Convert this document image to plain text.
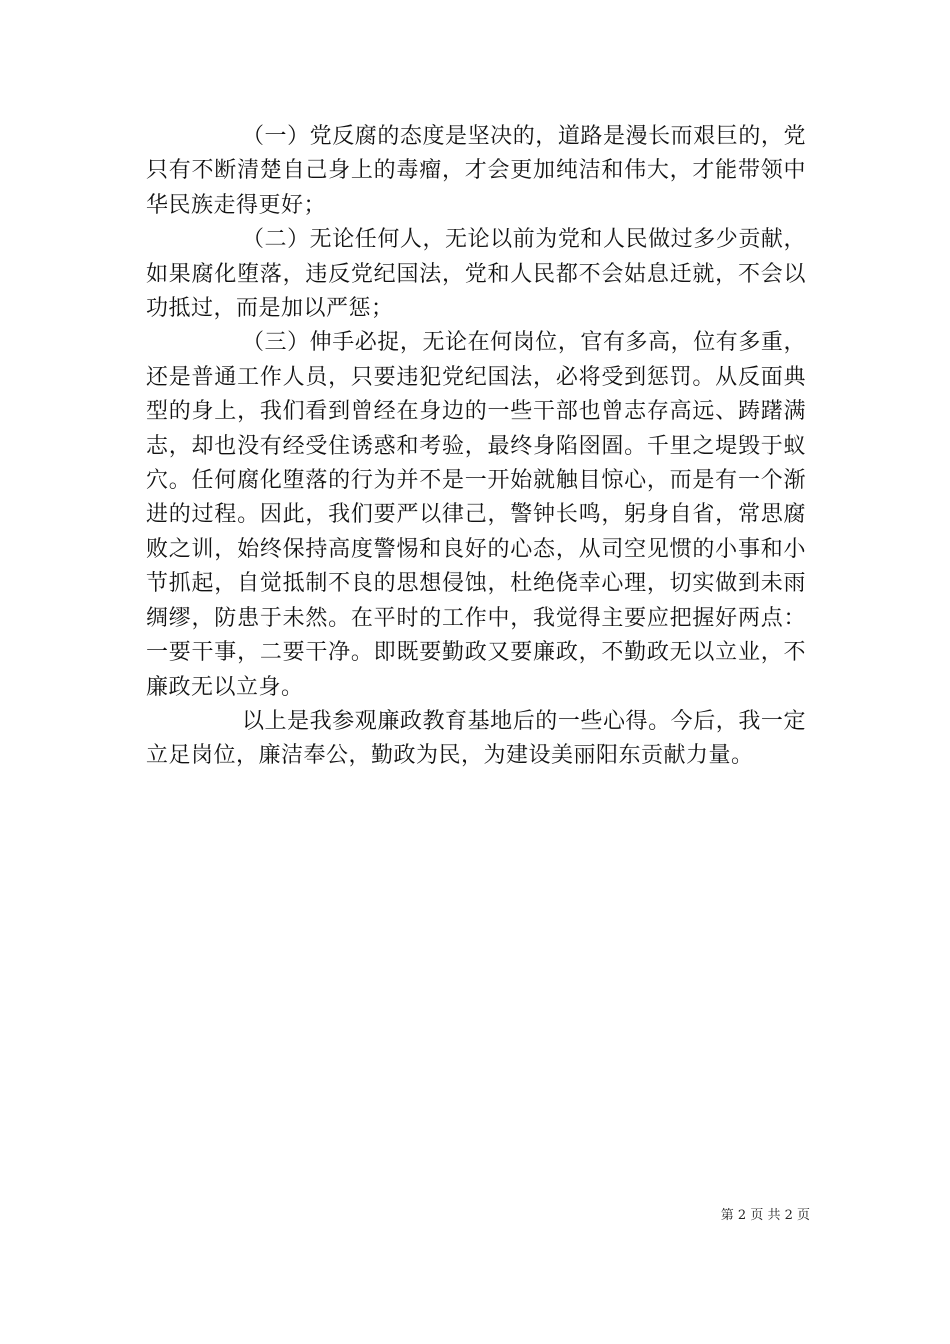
（一）党反腐的态度是坚决的，道路是漫长而艰巨的，党只有不断清楚自己身上的毒瘤，才会更加纯洁和伟大，才能带领中华民族走得更好；

（二）无论任何人，无论以前为党和人民做过多少贡献，如果腐化堕落，违反党纪国法，党和人民都不会姑息迁就，不会以功抵过，而是加以严惩；

（三）伸手必捉，无论在何岗位，官有多高，位有多重，还是普通工作人员，只要违犯党纪国法，必将受到惩罚。从反面典型的身上，我们看到曾经在身边的一些干部也曾志存高远、踌躇满志，却也没有经受住诱惑和考验，最终身陷囹圄。千里之堤毁于蚁穴。任何腐化堕落的行为并不是一开始就触目惊心，而是有一个渐进的过程。因此，我们要严以律己，警钟长鸣，躬身自省，常思腐败之训，始终保持高度警惕和良好的心态，从司空见惯的小事和小节抓起，自觉抵制不良的思想侵蚀，杜绝侥幸心理，切实做到未雨绸缪，防患于未然。在平时的工作中，我觉得主要应把握好两点：一要干事，二要干净。即既要勤政又要廉政，不勤政无以立业，不廉政无以立身。

以上是我参观廉政教育基地后的一些心得。今后，我一定立足岗位，廉洁奉公，勤政为民，为建设美丽阳东贡献力量。

第 2 页 共 2 页
